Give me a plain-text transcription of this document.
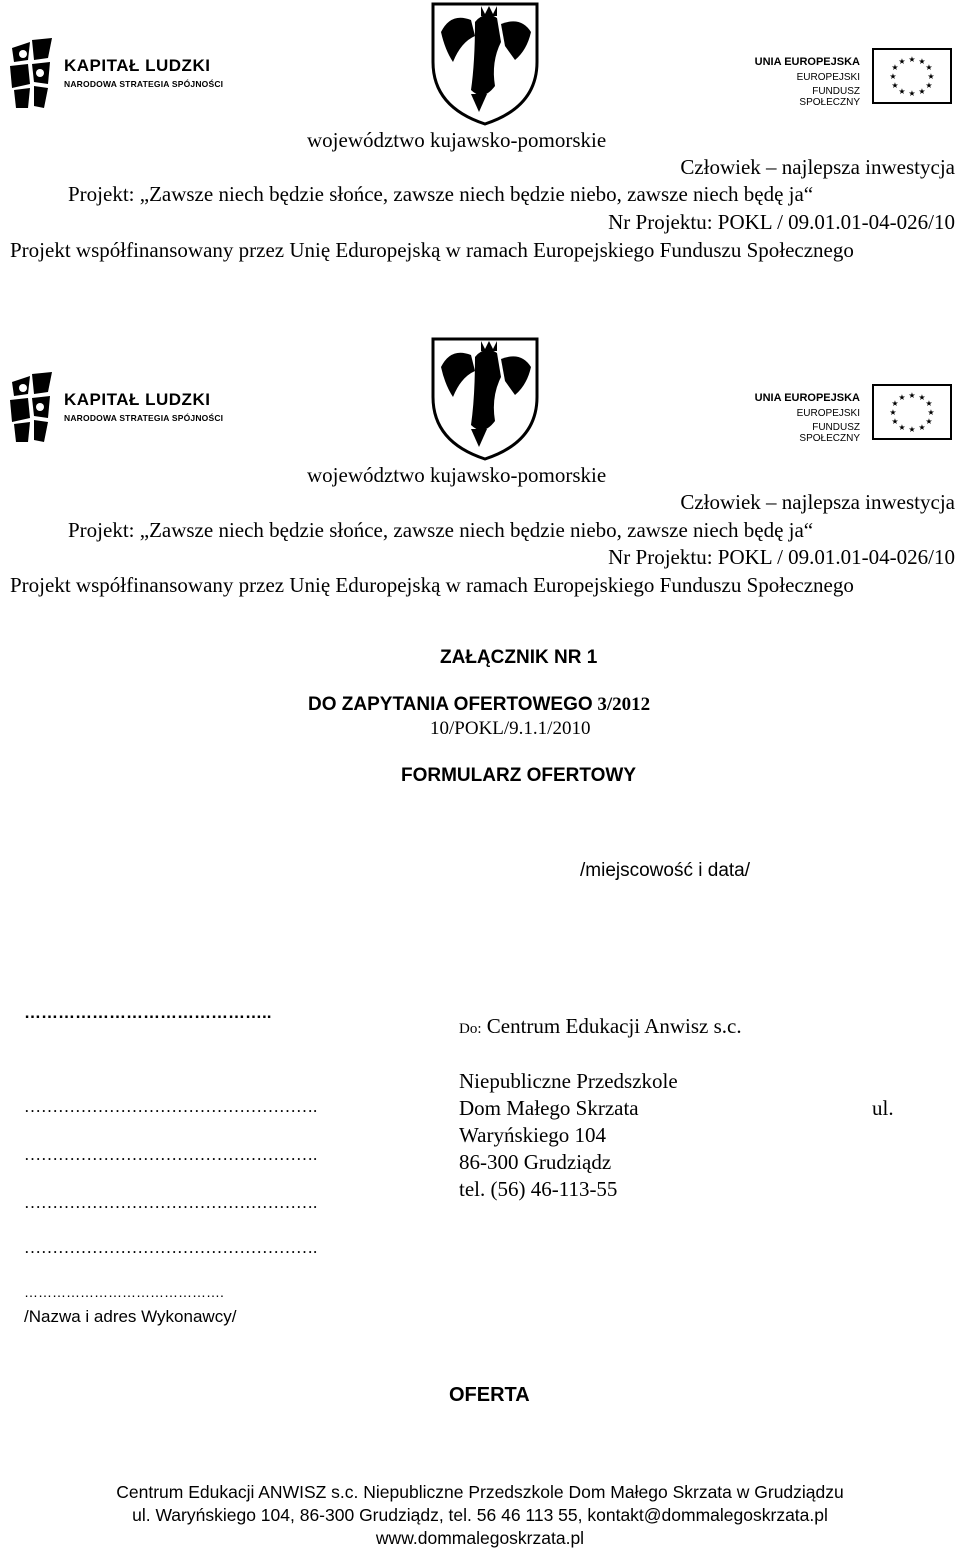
KAPITAŁ LUDZKI
NARODOWA STRATEGIA SPÓJNOŚCI
UNIA EUROPEJSKA
EUROPEJSKI
FUNDUSZ SPOŁECZNY
★ ★
★
★
★
★
★
★
★
★
★
★
województwo kujawsko-pomorskie
Człowiek – najlepsza inwestycja
Projekt: „Zawsze niech będzie słońce, zawsze niech będzie niebo, zawsze niech będę ja“
Nr Projektu: POKL / 09.01.01-04-026/10
Projekt współfinansowany przez Unię Eduropejską w ramach Europejskiego Funduszu Społecznego
KAPITAŁ LUDZKI
NARODOWA STRATEGIA SPÓJNOŚCI
UNIA EUROPEJSKA
EUROPEJSKI
FUNDUSZ SPOŁECZNY
★ ★
★
★
★
★
★
★
★
★
★
★
województwo kujawsko-pomorskie
Człowiek – najlepsza inwestycja
Projekt: „Zawsze niech będzie słońce, zawsze niech będzie niebo, zawsze niech będę ja“
Nr Projektu: POKL / 09.01.01-04-026/10
Projekt współfinansowany przez Unię Eduropejską w ramach Europejskiego Funduszu Społecznego
ZAŁĄCZNIK NR 1
DO ZAPYTANIA OFERTOWEGO 3/2012
10/POKL/9.1.1/2010
FORMULARZ OFERTOWY
/miejscowość i data/
……………………………………..
…………………………………………….
…………………………………………….
…………………………………………….
…………………………………………….
…………………………………….
/Nazwa i adres Wykonawcy/
Do: Centrum Edukacji Anwisz s.c.
Niepubliczne Przedszkole
Dom Małego Skrzata	ul.
Waryńskiego 104
86-300 Grudziądz
tel. (56) 46-113-55
OFERTA
Centrum Edukacji ANWISZ s.c. Niepubliczne Przedszkole Dom Małego Skrzata w Grudziądzu
ul. Waryńskiego 104, 86-300 Grudziądz, tel. 56 46 113 55, kontakt@dommalegoskrzata.pl
www.dommalegoskrzata.pl
